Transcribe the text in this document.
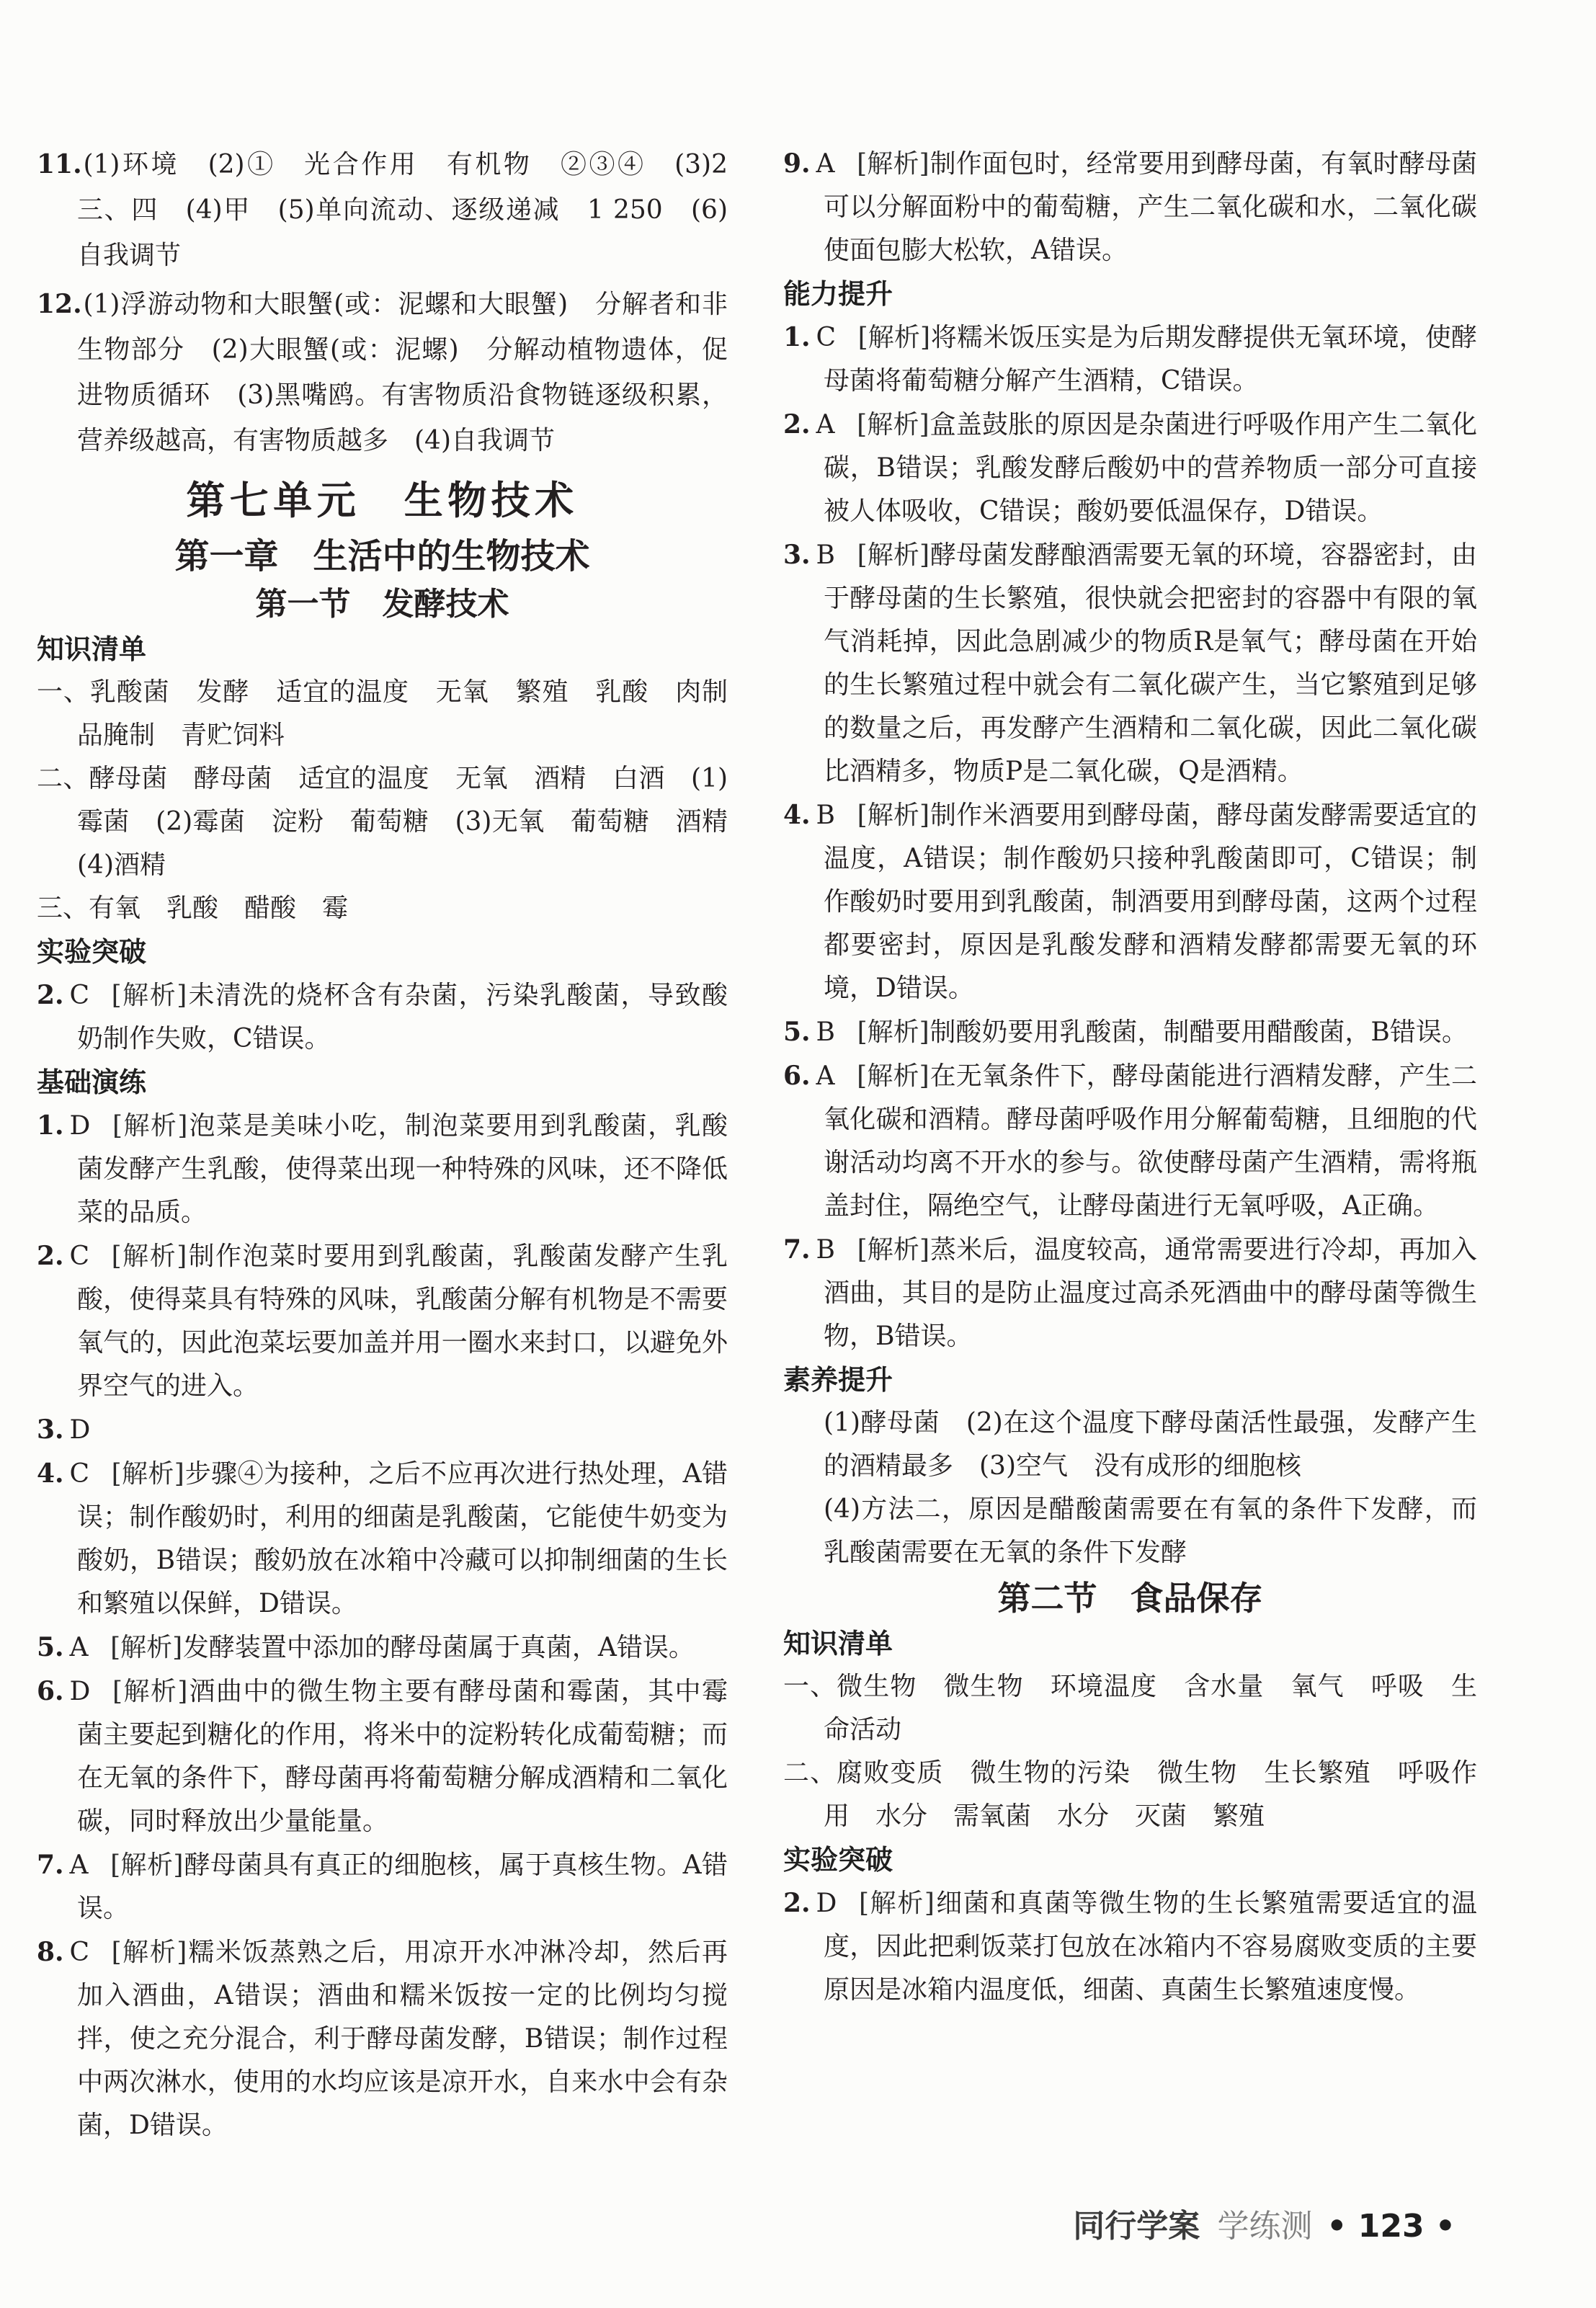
11.(1)环境　(2)①　光合作用　有机物　②③④　(3)2　三、四　(4)甲　(5)单向流动、逐级递减　1 250　(6)自我调节

12.(1)浮游动物和大眼蟹(或：泥螺和大眼蟹)　分解者和非生物部分　(2)大眼蟹(或：泥螺)　分解动植物遗体，促进物质循环　(3)黑嘴鸥。有害物质沿食物链逐级积累，营养级越高，有害物质越多　(4)自我调节

第七单元　生物技术
第一章　生活中的生物技术
第一节　发酵技术
知识清单

一、乳酸菌　发酵　适宜的温度　无氧　繁殖　乳酸　肉制品腌制　青贮饲料

二、酵母菌　酵母菌　适宜的温度　无氧　酒精　白酒　(1)霉菌　(2)霉菌　淀粉　葡萄糖　(3)无氧　葡萄糖　酒精　(4)酒精

三、有氧　乳酸　醋酸　霉

实验突破

2. C [解析]未清洗的烧杯含有杂菌，污染乳酸菌，导致酸奶制作失败，C错误。

基础演练

1. D [解析]泡菜是美味小吃，制泡菜要用到乳酸菌，乳酸菌发酵产生乳酸，使得菜出现一种特殊的风味，还不降低菜的品质。

2. C [解析]制作泡菜时要用到乳酸菌，乳酸菌发酵产生乳酸，使得菜具有特殊的风味，乳酸菌分解有机物是不需要氧气的，因此泡菜坛要加盖并用一圈水来封口，以避免外界空气的进入。

3. D

4. C [解析]步骤④为接种，之后不应再次进行热处理，A错误；制作酸奶时，利用的细菌是乳酸菌，它能使牛奶变为酸奶，B错误；酸奶放在冰箱中冷藏可以抑制细菌的生长和繁殖以保鲜，D错误。

5. A [解析]发酵装置中添加的酵母菌属于真菌，A错误。

6. D [解析]酒曲中的微生物主要有酵母菌和霉菌，其中霉菌主要起到糖化的作用，将米中的淀粉转化成葡萄糖；而在无氧的条件下，酵母菌再将葡萄糖分解成酒精和二氧化碳，同时释放出少量能量。

7. A [解析]酵母菌具有真正的细胞核，属于真核生物。A错误。

8. C [解析]糯米饭蒸熟之后，用凉开水冲淋冷却，然后再加入酒曲，A错误；酒曲和糯米饭按一定的比例均匀搅拌，使之充分混合，利于酵母菌发酵，B错误；制作过程中两次淋水，使用的水均应该是凉开水，自来水中会有杂菌，D错误。

9. A [解析]制作面包时，经常要用到酵母菌，有氧时酵母菌可以分解面粉中的葡萄糖，产生二氧化碳和水，二氧化碳使面包膨大松软，A错误。

能力提升

1. C [解析]将糯米饭压实是为后期发酵提供无氧环境，使酵母菌将葡萄糖分解产生酒精，C错误。

2. A [解析]盒盖鼓胀的原因是杂菌进行呼吸作用产生二氧化碳，B错误；乳酸发酵后酸奶中的营养物质一部分可直接被人体吸收，C错误；酸奶要低温保存，D错误。

3. B [解析]酵母菌发酵酿酒需要无氧的环境，容器密封，由于酵母菌的生长繁殖，很快就会把密封的容器中有限的氧气消耗掉，因此急剧减少的物质R是氧气；酵母菌在开始的生长繁殖过程中就会有二氧化碳产生，当它繁殖到足够的数量之后，再发酵产生酒精和二氧化碳，因此二氧化碳比酒精多，物质P是二氧化碳，Q是酒精。

4. B [解析]制作米酒要用到酵母菌，酵母菌发酵需要适宜的温度，A错误；制作酸奶只接种乳酸菌即可，C错误；制作酸奶时要用到乳酸菌，制酒要用到酵母菌，这两个过程都要密封，原因是乳酸发酵和酒精发酵都需要无氧的环境，D错误。

5. B [解析]制酸奶要用乳酸菌，制醋要用醋酸菌，B错误。

6. A [解析]在无氧条件下，酵母菌能进行酒精发酵，产生二氧化碳和酒精。酵母菌呼吸作用分解葡萄糖，且细胞的代谢活动均离不开水的参与。欲使酵母菌产生酒精，需将瓶盖封住，隔绝空气，让酵母菌进行无氧呼吸，A正确。

7. B [解析]蒸米后，温度较高，通常需要进行冷却，再加入酒曲，其目的是防止温度过高杀死酒曲中的酵母菌等微生物，B错误。

素养提升

(1)酵母菌　(2)在这个温度下酵母菌活性最强，发酵产生的酒精最多　(3)空气　没有成形的细胞核

(4)方法二，原因是醋酸菌需要在有氧的条件下发酵，而乳酸菌需要在无氧的条件下发酵

第二节　食品保存
知识清单

一、微生物　微生物　环境温度　含水量　氧气　呼吸　生命活动

二、腐败变质　微生物的污染　微生物　生长繁殖　呼吸作用　水分　需氧菌　水分　灭菌　繁殖

实验突破

2. D [解析]细菌和真菌等微生物的生长繁殖需要适宜的温度，因此把剩饭菜打包放在冰箱内不容易腐败变质的主要原因是冰箱内温度低，细菌、真菌生长繁殖速度慢。

同行学案 学练测 • 123 •
